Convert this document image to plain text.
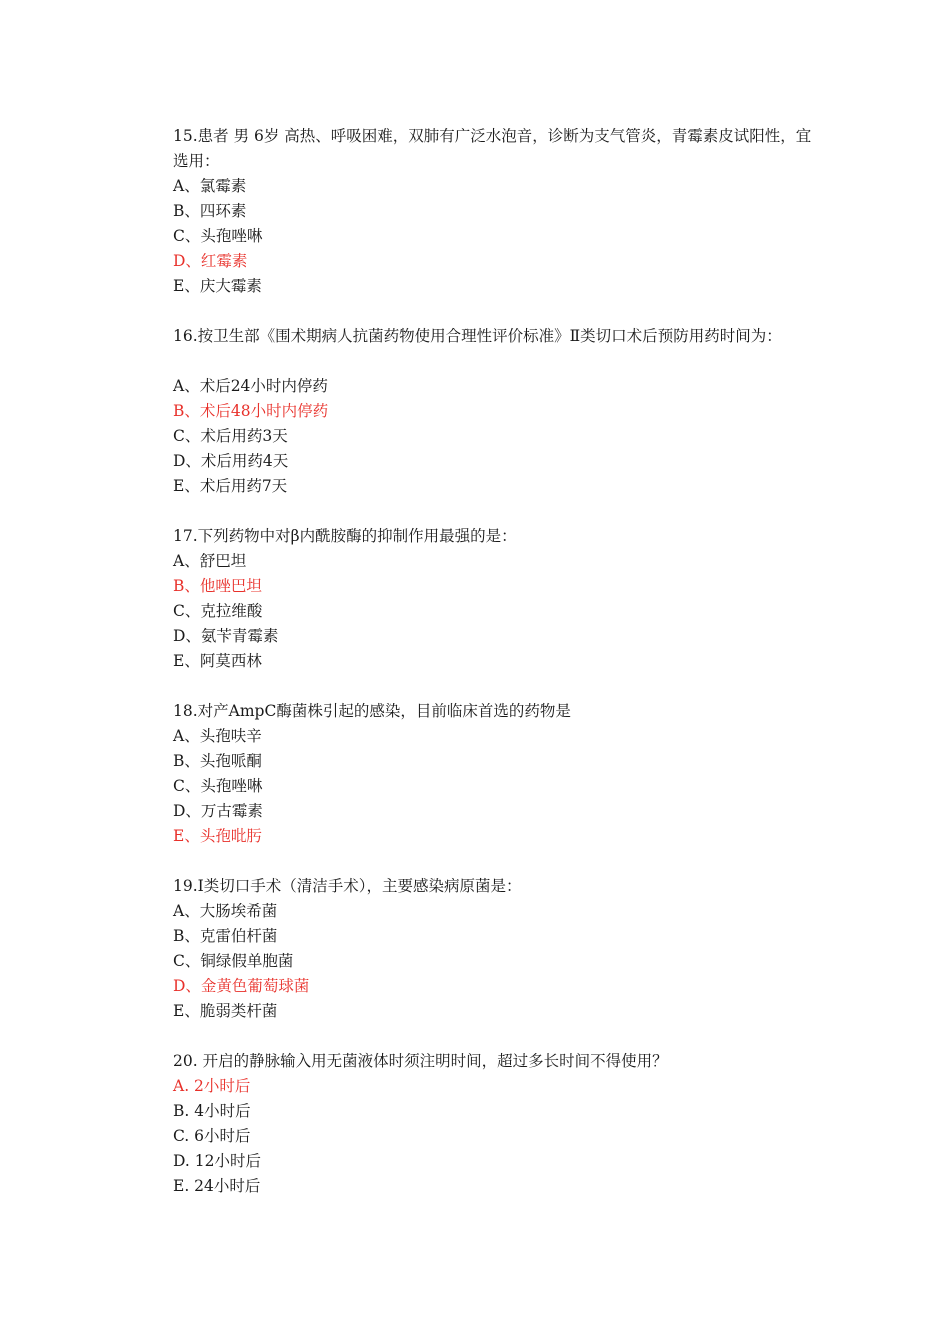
15.患者 男 6岁 高热、呼吸困难，双肺有广泛水泡音，诊断为支气管炎，青霉素皮试阳性，宜选用：
A、氯霉素
B、四环素
C、头孢唑啉
D、红霉素
E、庆大霉素
16.按卫生部《围术期病人抗菌药物使用合理性评价标准》Ⅱ类切口术后预防用药时间为：
A、术后24小时内停药
B、术后48小时内停药
C、术后用药3天
D、术后用药4天
E、术后用药7天
17.下列药物中对β内酰胺酶的抑制作用最强的是：
A、舒巴坦
B、他唑巴坦
C、克拉维酸
D、氨苄青霉素
E、阿莫西林
18.对产AmpC酶菌株引起的感染，目前临床首选的药物是
A、头孢呋辛
B、头孢哌酮
C、头孢唑啉
D、万古霉素
E、头孢吡肟
19.Ⅰ类切口手术（清洁手术），主要感染病原菌是：
A、大肠埃希菌
B、克雷伯杆菌
C、铜绿假单胞菌
D、金黄色葡萄球菌
E、脆弱类杆菌
20. 开启的静脉输入用无菌液体时须注明时间，超过多长时间不得使用？
A. 2小时后
B. 4小时后
C. 6小时后
D. 12小时后
E. 24小时后
